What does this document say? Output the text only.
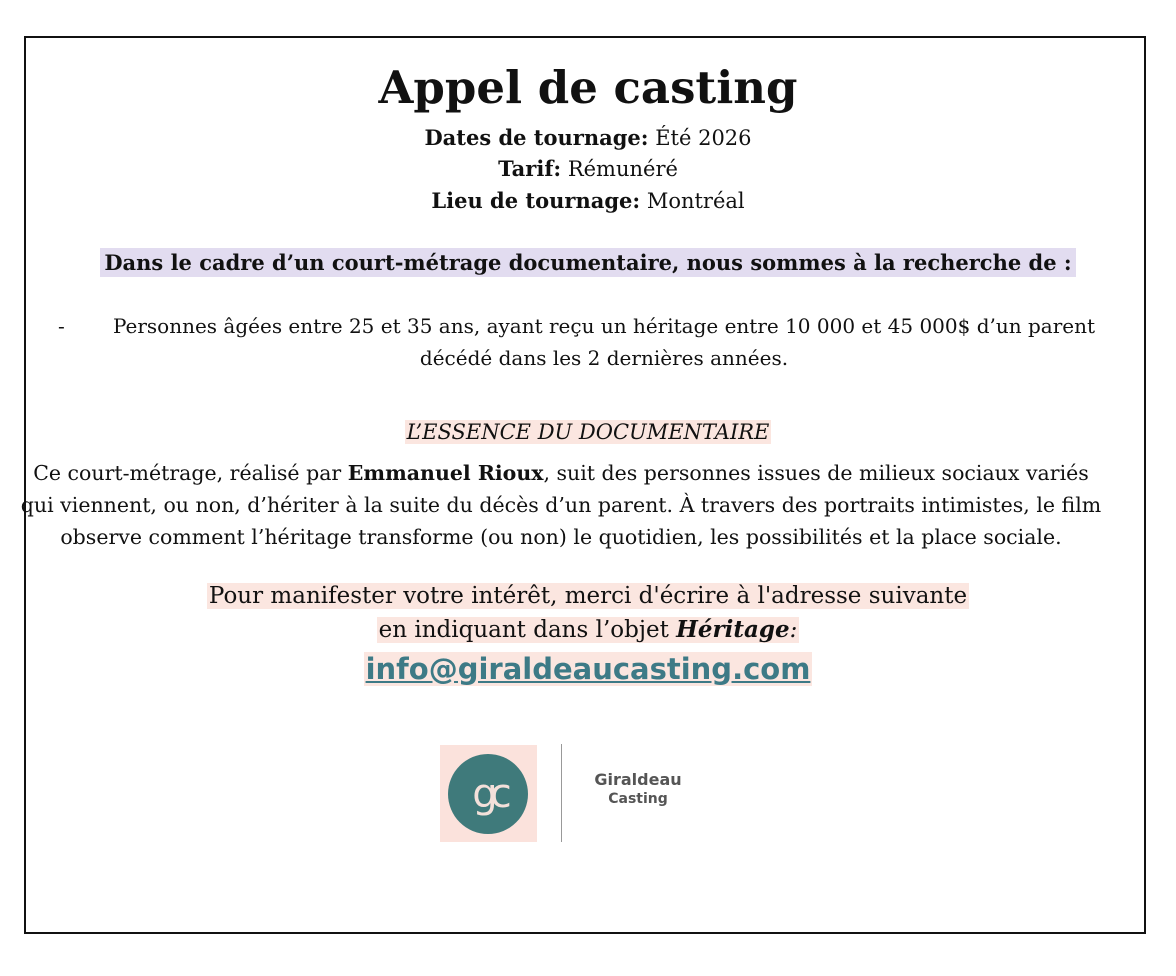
Appel de casting
Dates de tournage: Été 2026
Tarif: Rémunéré
Lieu de tournage: Montréal
Dans le cadre d’un court-métrage documentaire, nous sommes à la recherche de :
-	Personnes âgées entre 25 et 35 ans, ayant reçu un héritage entre 10 000 et 45 000$ d’un parent
décédé dans les 2 dernières années.
L’ESSENCE DU DOCUMENTAIRE
Ce court-métrage, réalisé par Emmanuel Rioux, suit des personnes issues de milieux sociaux variés
qui viennent, ou non, d’hériter à la suite du décès d’un parent. À travers des portraits intimistes, le film
observe comment l’héritage transforme (ou non) le quotidien, les possibilités et la place sociale.
Pour manifester votre intérêt, merci d'écrire à l'adresse suivante
en indiquant dans l’objet Héritage:
info@giraldeaucasting.com
gc	Giraldeau
Casting
